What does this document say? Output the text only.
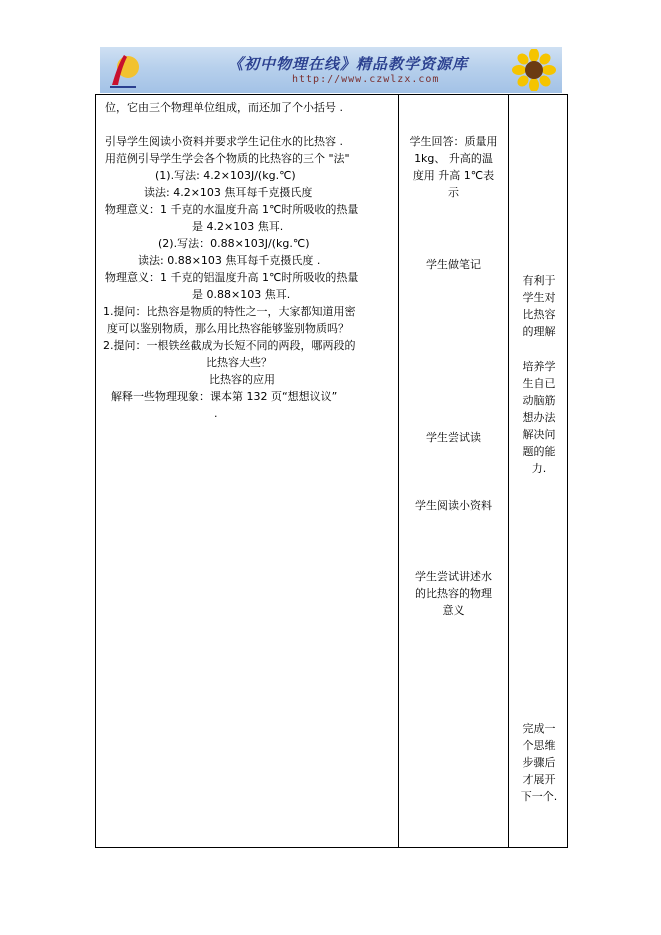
《初中物理在线》精品教学资源库
http://www.czwlzx.com
位，它由三个物理单位组成，而还加了个小括号 .
引导学生阅读小资料并要求学生记住水的比热容 .
用范例引导学生学会各个物质的比热容的三个 "法"
(1).写法: 4.2×103J/(kg.℃)
读法: 4.2×103 焦耳每千克摄氏度
物理意义：1 千克的水温度升高 1℃时所吸收的热量
是 4.2×103 焦耳.
(2).写法：0.88×103J/(kg.℃)
读法: 0.88×103 焦耳每千克摄氏度 .
物理意义：1 千克的铝温度升高 1℃时所吸收的热量
是 0.88×103 焦耳.
1.提问：比热容是物质的特性之一，大家都知道用密
度可以鉴别物质，那么用比热容能够鉴别物质吗？
2.提问：一根铁丝截成为长短不同的两段，哪两段的
比热容大些？
比热容的应用
解释一些物理现象：课本第 132 页“想想议议”
.
学生回答：质量用
1kg、 升高的温
度用 升高 1℃表
示
学生做笔记
学生尝试读
学生阅读小资料
学生尝试讲述水
的比热容的物理
意义
有利于
学生对
比热容
的理解
培养学
生自已
动脑筋
想办法
解决问
题的能
力.
完成一
个思维
步骤后
才展开
下一个.
